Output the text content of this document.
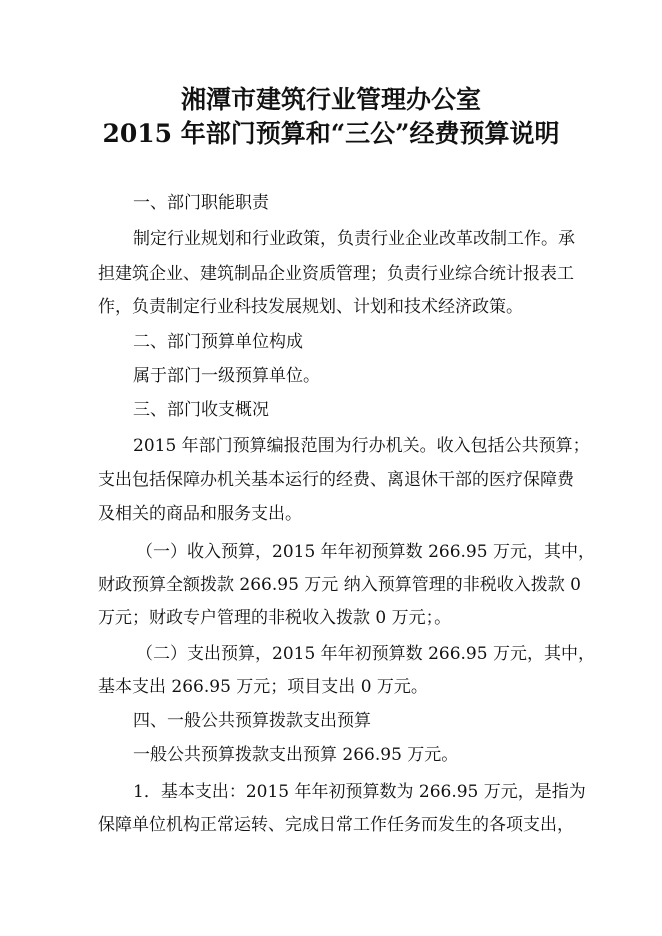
湘潭市建筑行业管理办公室
2015 年部门预算和“三公”经费预算说明
一、部门职能职责
制定行业规划和行业政策，负责行业企业改革改制工作。承
担建筑企业、建筑制品企业资质管理；负责行业综合统计报表工
作，负责制定行业科技发展规划、计划和技术经济政策。
二、部门预算单位构成
属于部门一级预算单位。
三、部门收支概况
2015 年部门预算编报范围为行办机关。收入包括公共预算；
支出包括保障办机关基本运行的经费、离退休干部的医疗保障费
及相关的商品和服务支出。
（一）收入预算，2015 年年初预算数 266.95 万元，其中，
财政预算全额拨款 266.95 万元 纳入预算管理的非税收入拨款 0
万元；财政专户管理的非税收入拨款 0 万元；。
（二）支出预算，2015 年年初预算数 266.95 万元，其中，
基本支出 266.95 万元；项目支出 0 万元。
四、一般公共预算拨款支出预算
一般公共预算拨款支出预算 266.95 万元。
1．基本支出：2015 年年初预算数为 266.95 万元，是指为
保障单位机构正常运转、完成日常工作任务而发生的各项支出，
